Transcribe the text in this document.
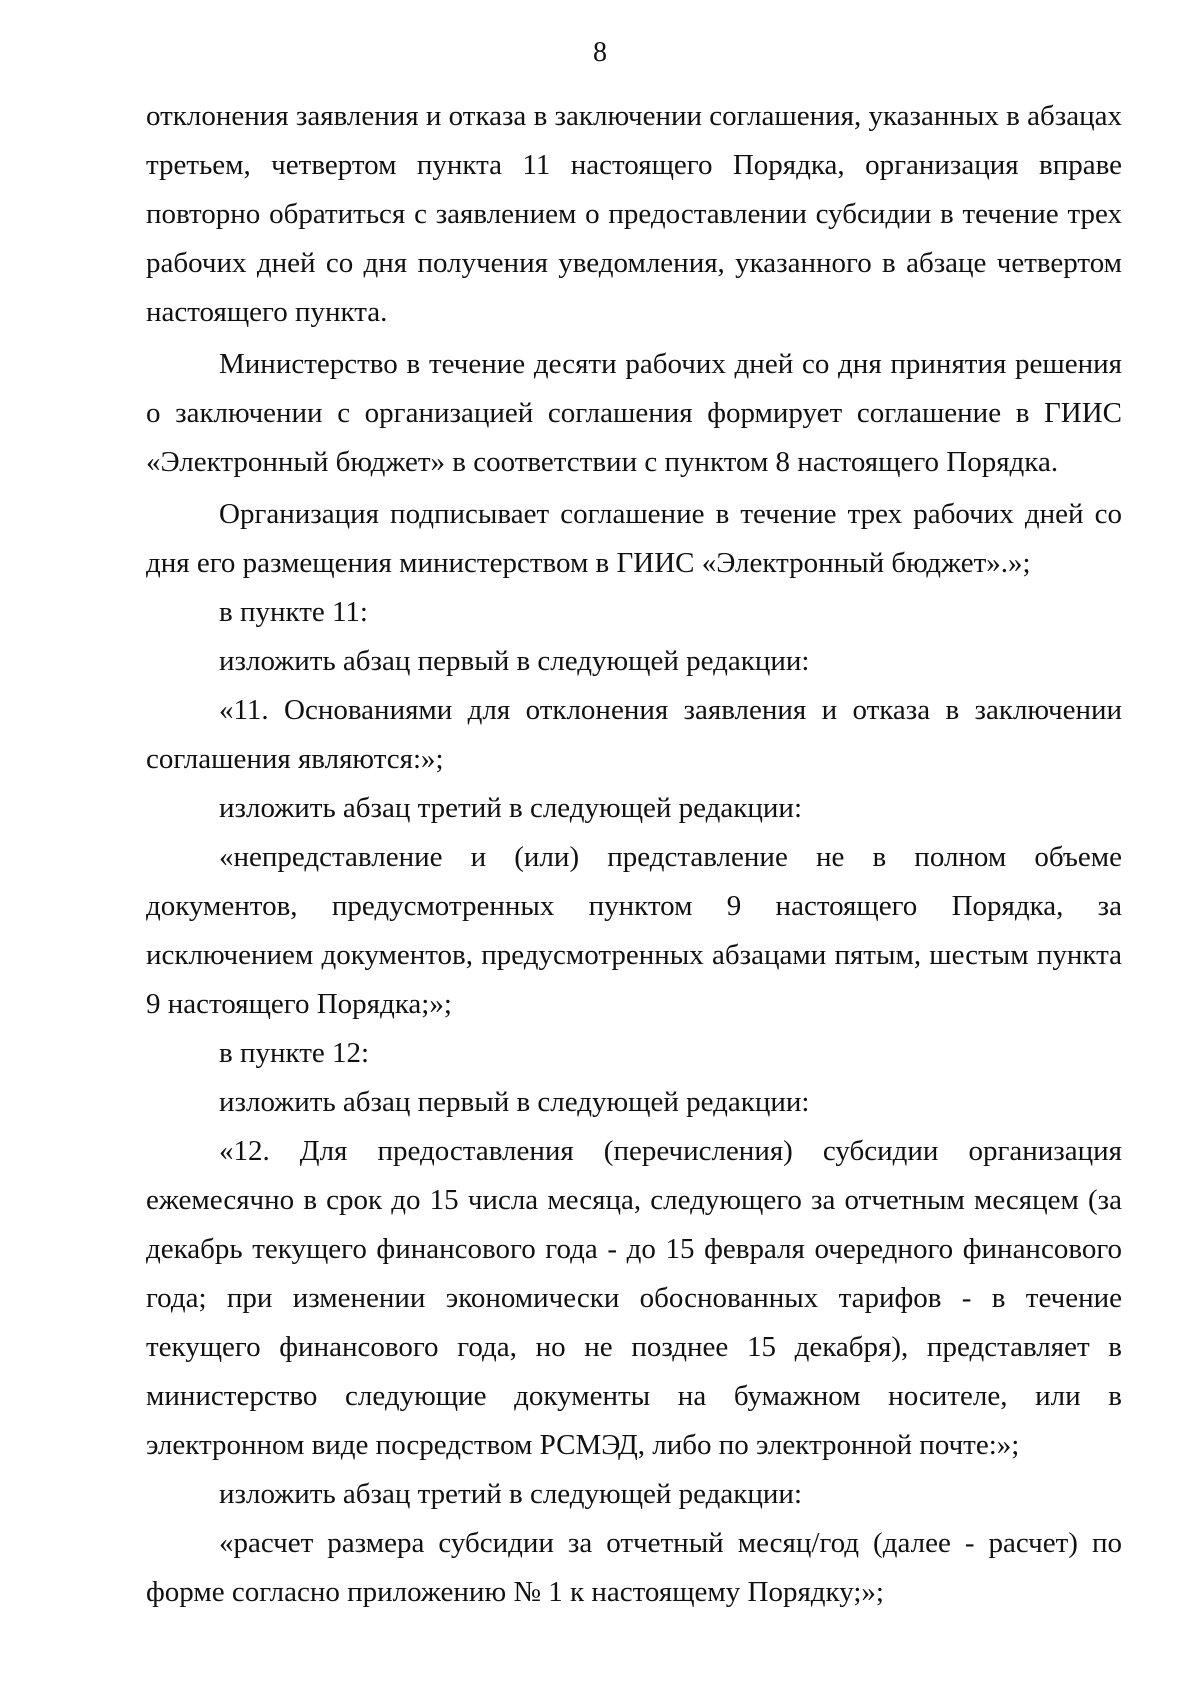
8

отклонения заявления и отказа в заключении соглашения, указанных в абзацах третьем, четвертом пункта 11 настоящего Порядка, организация вправе повторно обратиться с заявлением о предоставлении субсидии в течение трех рабочих дней со дня получения уведомления, указанного в абзаце четвертом настоящего пункта.

Министерство в течение десяти рабочих дней со дня принятия решения о заключении с организацией соглашения формирует соглашение в ГИИС «Электронный бюджет» в соответствии с пунктом 8 настоящего Порядка.

Организация подписывает соглашение в течение трех рабочих дней со дня его размещения министерством в ГИИС «Электронный бюджет».»;

в пункте 11:

изложить абзац первый в следующей редакции:

«11. Основаниями для отклонения заявления и отказа в заключении соглашения являются:»;

изложить абзац третий в следующей редакции:

«непредставление и (или) представление не в полном объеме документов, предусмотренных пунктом 9 настоящего Порядка, за исключением документов, предусмотренных абзацами пятым, шестым пункта 9 настоящего Порядка;»;

в пункте 12:

изложить абзац первый в следующей редакции:

«12. Для предоставления (перечисления) субсидии организация ежемесячно в срок до 15 числа месяца, следующего за отчетным месяцем (за декабрь текущего финансового года - до 15 февраля очередного финансового года; при изменении экономически обоснованных тарифов - в течение текущего финансового года, но не позднее 15 декабря), представляет в министерство следующие документы на бумажном носителе, или в электронном виде посредством РСМЭД, либо по электронной почте:»;

изложить абзац третий в следующей редакции:

«расчет размера субсидии за отчетный месяц/год (далее - расчет) по форме согласно приложению № 1 к настоящему Порядку;»;
